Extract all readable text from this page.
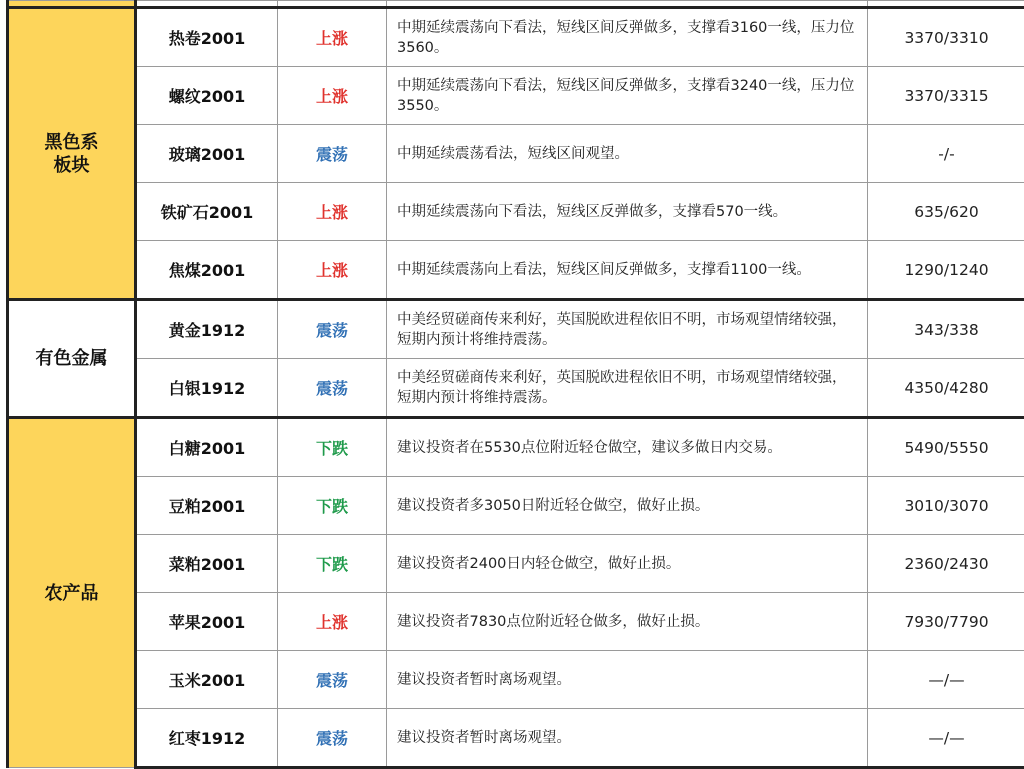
黑色系
板块	热卷2001	上涨	中期延续震荡向下看法，短线区间反弹做多，支撑看3160一线，压力位3560。	3370/3310
	螺纹2001	上涨	中期延续震荡向下看法，短线区间反弹做多，支撑看3240一线，压力位3550。	3370/3315
	玻璃2001	震荡	中期延续震荡看法，短线区间观望。	-/-
	铁矿石2001	上涨	中期延续震荡向下看法，短线区反弹做多，支撑看570一线。	635/620
	焦煤2001	上涨	中期延续震荡向上看法，短线区间反弹做多，支撑看1100一线。	1290/1240
有色金属	黄金1912	震荡	中美经贸磋商传来利好，英国脱欧进程依旧不明，市场观望情绪较强，短期内预计将维持震荡。	343/338
	白银1912	震荡	中美经贸磋商传来利好，英国脱欧进程依旧不明，市场观望情绪较强，短期内预计将维持震荡。	4350/4280
农产品	白糖2001	下跌	建议投资者在5530点位附近轻仓做空，建议多做日内交易。	5490/5550
	豆粕2001	下跌	建议投资者多3050日附近轻仓做空，做好止损。	3010/3070
	菜粕2001	下跌	建议投资者2400日内轻仓做空，做好止损。	2360/2430
	苹果2001	上涨	建议投资者7830点位附近轻仓做多，做好止损。	7930/7790
	玉米2001	震荡	建议投资者暂时离场观望。	—/—
	红枣1912	震荡	建议投资者暂时离场观望。	—/—
